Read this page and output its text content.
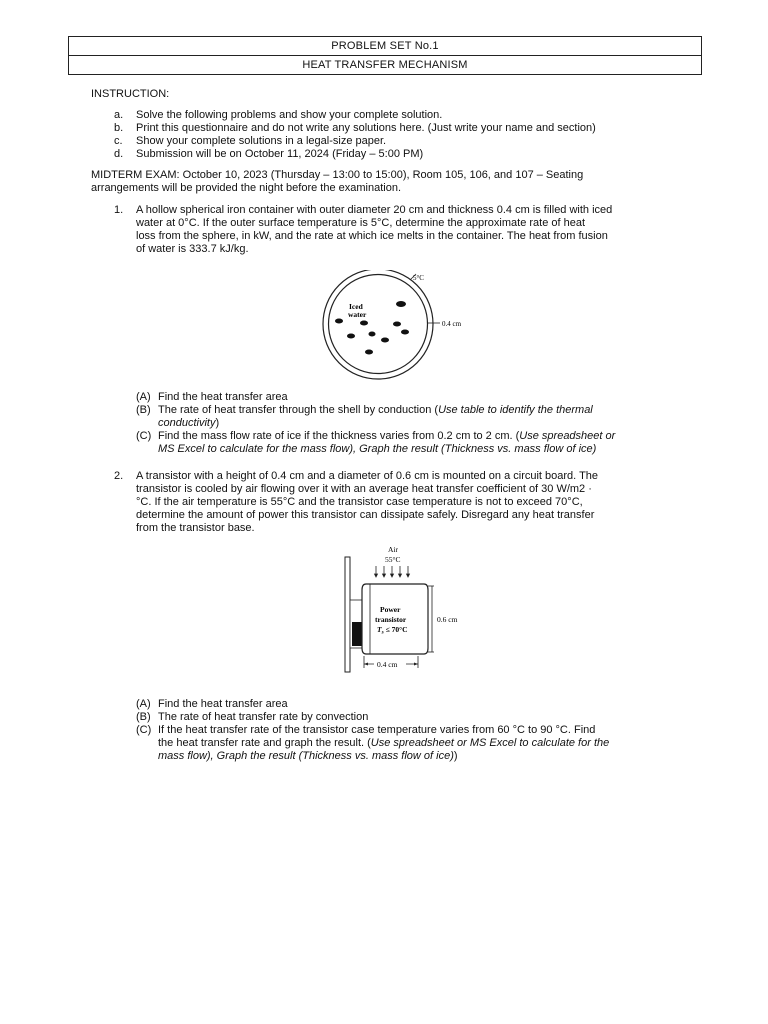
PROBLEM SET No.1
HEAT TRANSFER MECHANISM
INSTRUCTION:
a. Solve the following problems and show your complete solution.
b. Print this questionnaire and do not write any solutions here. (Just write your name and section)
c. Show your complete solutions in a legal-size paper.
d. Submission will be on October 11, 2024 (Friday – 5:00 PM)
MIDTERM EXAM: October 10, 2023 (Thursday – 13:00 to 15:00), Room 105, 106, and 107 – Seating
arrangements will be provided the night before the examination.
1. A hollow spherical iron container with outer diameter 20 cm and thickness 0.4 cm is filled with iced
water at 0°C. If the outer surface temperature is 5°C, determine the approximate rate of heat
loss from the sphere, in kW, and the rate at which ice melts in the container. The heat from fusion
of water is 333.7 kJ/kg.
5°C
Iced
water
0.4 cm
(A) Find the heat transfer area
(B) The rate of heat transfer through the shell by conduction (Use table to identify the thermal
conductivity)
(C) Find the mass flow rate of ice if the thickness varies from 0.2 cm to 2 cm. (Use spreadsheet or
MS Excel to calculate for the mass flow), Graph the result (Thickness vs. mass flow of ice)
2. A transistor with a height of 0.4 cm and a diameter of 0.6 cm is mounted on a circuit board. The
transistor is cooled by air flowing over it with an average heat transfer coefficient of 30 W/m2 ·
°C. If the air temperature is 55°C and the transistor case temperature is not to exceed 70°C,
determine the amount of power this transistor can dissipate safely. Disregard any heat transfer
from the transistor base.
Air
55°C
Power
transistor
$T_s \le 70^\circ C$
0.6 cm
0.4 cm
(A) Find the heat transfer area
(B) The rate of heat transfer rate by convection
(C) If the heat transfer rate of the transistor case temperature varies from 60 °C to 90 °C. Find
the heat transfer rate and graph the result. (Use spreadsheet or MS Excel to calculate for the
mass flow), Graph the result (Thickness vs. mass flow of ice))
